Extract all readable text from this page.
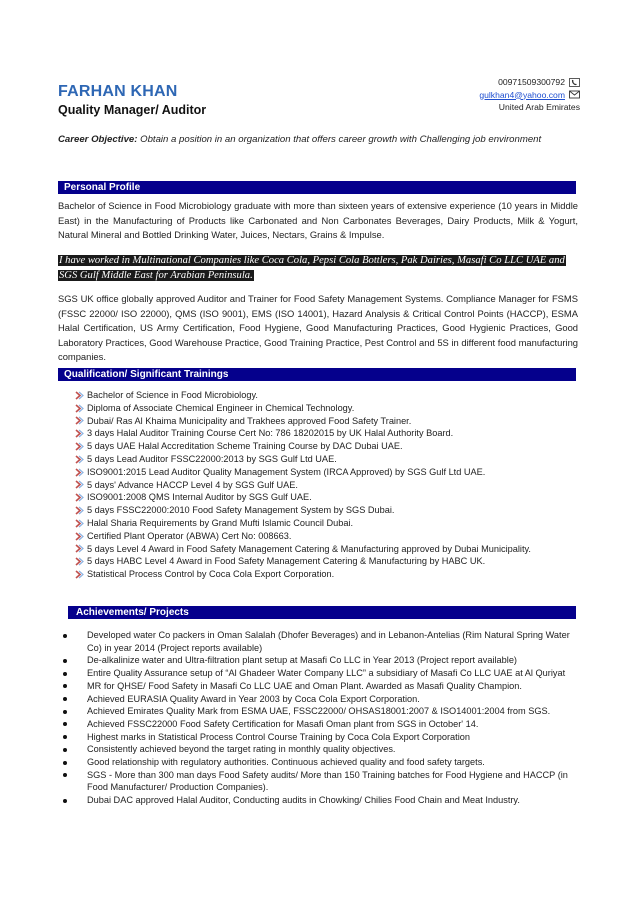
00971509300792
gulkhan4@yahoo.com
United Arab Emirates
FARHAN KHAN
Quality Manager/ Auditor
Career Objective: Obtain a position in an organization that offers career growth with Challenging job environment
Personal Profile
Bachelor of Science in Food Microbiology graduate with more than sixteen years of extensive experience (10 years in Middle East) in the Manufacturing of Products like Carbonated and Non Carbonates Beverages, Dairy Products, Milk & Yogurt, Natural Mineral and Bottled Drinking Water, Juices, Nectars, Grains & Impulse.
I have worked in Multinational Companies like Coca Cola, Pepsi Cola Bottlers, Pak Dairies, Masafi Co LLC UAE and SGS Gulf Middle East for Arabian Peninsula.
SGS UK office globally approved Auditor and Trainer for Food Safety Management Systems. Compliance Manager for FSMS (FSSC 22000/ ISO 22000), QMS (ISO 9001), EMS (ISO 14001), Hazard Analysis & Critical Control Points (HACCP), ESMA Halal Certification, US Army Certification, Food Hygiene, Good Manufacturing Practices, Good Hygienic Practices, Good Laboratory Practices, Good Warehouse Practice, Good Training Practice, Pest Control and 5S in different food manufacturing companies.
Qualification/ Significant Trainings
Bachelor of Science in Food Microbiology.
Diploma of Associate Chemical Engineer in Chemical Technology.
Dubai/ Ras Al Khaima Municipality and Trakhees approved Food Safety Trainer.
3 days Halal Auditor Training Course Cert No: 786 18202015 by UK Halal Authority Board.
5 days UAE Halal Accreditation Scheme Training Course by DAC Dubai UAE.
5 days Lead Auditor FSSC22000:2013 by SGS Gulf Ltd UAE.
ISO9001:2015 Lead Auditor Quality Management System (IRCA Approved) by SGS Gulf Ltd UAE.
5 days' Advance HACCP Level 4 by SGS Gulf UAE.
ISO9001:2008 QMS Internal Auditor by SGS Gulf UAE.
5 days FSSC22000:2010 Food Safety Management System by SGS Dubai.
Halal Sharia Requirements by Grand Mufti Islamic Council Dubai.
Certified Plant Operator (ABWA) Cert No: 008663.
5 days Level 4 Award in Food Safety Management Catering & Manufacturing approved by Dubai Municipality.
5 days HABC Level 4 Award in Food Safety Management Catering & Manufacturing by HABC UK.
Statistical Process Control by Coca Cola Export Corporation.
Achievements/ Projects
Developed water Co packers in Oman Salalah (Dhofer Beverages) and in Lebanon-Antelias (Rim Natural Spring Water Co) in year 2014 (Project reports available)
De-alkalinize water and Ultra-filtration plant setup at Masafi Co LLC in Year 2013 (Project report available)
Entire Quality Assurance setup of “Al Ghadeer Water Company LLC” a subsidiary of Masafi Co LLC UAE at Al Quriyat
MR for QHSE/ Food Safety in Masafi Co LLC UAE and Oman Plant. Awarded as Masafi Quality Champion.
Achieved EURASIA Quality Award in Year 2003 by Coca Cola Export Corporation.
Achieved Emirates Quality Mark from ESMA UAE, FSSC22000/ OHSAS18001:2007 & ISO14001:2004 from SGS.
Achieved FSSC22000 Food Safety Certification for Masafi Oman plant from SGS in October' 14.
Highest marks in Statistical Process Control Course Training by Coca Cola Export Corporation
Consistently achieved beyond the target rating in monthly quality objectives.
Good relationship with regulatory authorities. Continuous achieved quality and food safety targets.
SGS - More than 300 man days Food Safety audits/ More than 150 Training batches for Food Hygiene and HACCP (in Food Manufacturer/ Production Companies).
Dubai DAC approved Halal Auditor, Conducting audits in Chowking/ Chilies Food Chain and Meat Industry.
